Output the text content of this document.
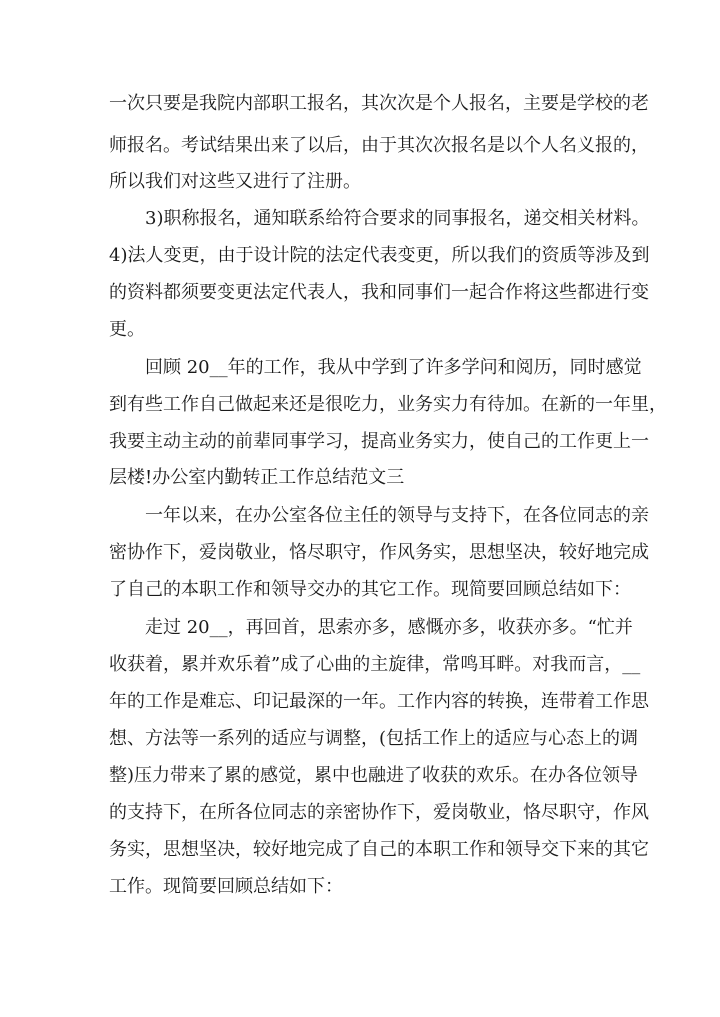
一次只要是我院内部职工报名，其次次是个人报名，主要是学校的老
师报名。考试结果出来了以后，由于其次次报名是以个人名义报的，
所以我们对这些又进行了注册。
3)职称报名，通知联系给符合要求的同事报名，递交相关材料。
4)法人变更，由于设计院的法定代表变更，所以我们的资质等涉及到
的资料都须要变更法定代表人，我和同事们一起合作将这些都进行变
更。
回顾 20__年的工作，我从中学到了许多学问和阅历，同时感觉
到有些工作自己做起来还是很吃力，业务实力有待加。在新的一年里，
我要主动主动的前辈同事学习，提高业务实力，使自己的工作更上一
层楼!办公室内勤转正工作总结范文三
一年以来，在办公室各位主任的领导与支持下，在各位同志的亲
密协作下，爱岗敬业，恪尽职守，作风务实，思想坚决，较好地完成
了自己的本职工作和领导交办的其它工作。现简要回顾总结如下：
走过 20__，再回首，思索亦多，感慨亦多，收获亦多。“忙并
收获着，累并欢乐着”成了心曲的主旋律，常鸣耳畔。对我而言，__
年的工作是难忘、印记最深的一年。工作内容的转换，连带着工作思
想、方法等一系列的适应与调整，(包括工作上的适应与心态上的调
整)压力带来了累的感觉，累中也融进了收获的欢乐。在办各位领导
的支持下，在所各位同志的亲密协作下，爱岗敬业，恪尽职守，作风
务实，思想坚决，较好地完成了自己的本职工作和领导交下来的其它
工作。现简要回顾总结如下：
